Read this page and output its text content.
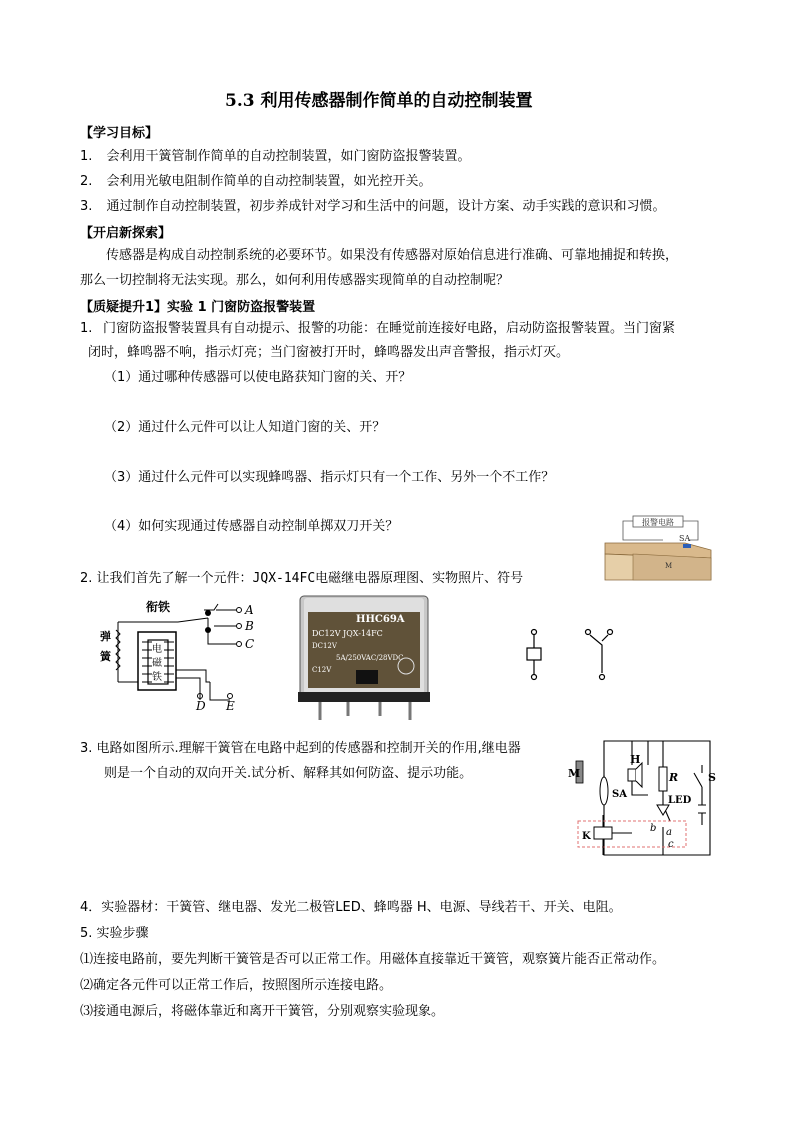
5.3 利用传感器制作简单的自动控制装置
【学习目标】
1. 会利用干簧管制作简单的自动控制装置，如门窗防盗报警装置。
2. 会利用光敏电阻制作简单的自动控制装置，如光控开关。
3. 通过制作自动控制装置，初步养成针对学习和生活中的问题，设计方案、动手实践的意识和习惯。
【开启新探索】
传感器是构成自动控制系统的必要环节。如果没有传感器对原始信息进行准确、可靠地捕捉和转换，
那么一切控制将无法实现。那么，如何利用传感器实现简单的自动控制呢？
【质疑提升1】实验 1 门窗防盗报警装置
1. 门窗防盗报警装置具有自动提示、报警的功能：在睡觉前连接好电路，启动防盗报警装置。当门窗紧
闭时，蜂鸣器不响，指示灯亮；当门窗被打开时，蜂鸣器发出声音警报，指示灯灭。
（1）通过哪种传感器可以使电路获知门窗的关、开？
（2）通过什么元件可以让人知道门窗的关、开？
（3）通过什么元件可以实现蜂鸣器、指示灯只有一个工作、另外一个不工作？
（4）如何实现通过传感器自动控制单掷双刀开关？	报警电路
SA
M
2. 让我们首先了解一个元件：JQX-14FC电磁继电器原理图、实物照片、符号
衔铁
弹簧
电磁铁
A
B
C
D E
HHC69A
DC12V JQX-14FC
DC12V
5A/250VAC/28VDC
C12V
3. 电路如图所示.理解干簧管在电路中起到的传感器和控制开关的作用,继电器
则是一个自动的双向开关.试分析、解释其如何防盗、提示功能。	M
SA
H
R
LED
S
K
b a
c
4．实验器材：干簧管、继电器、发光二极管LED、蜂鸣器 H、电源、导线若干、开关、电阻。
5. 实验步骤
⑴连接电路前，要先判断干簧管是否可以正常工作。用磁体直接靠近干簧管，观察簧片能否正常动作。
⑵确定各元件可以正常工作后，按照图所示连接电路。
⑶接通电源后，将磁体靠近和离开干簧管，分别观察实验现象。
